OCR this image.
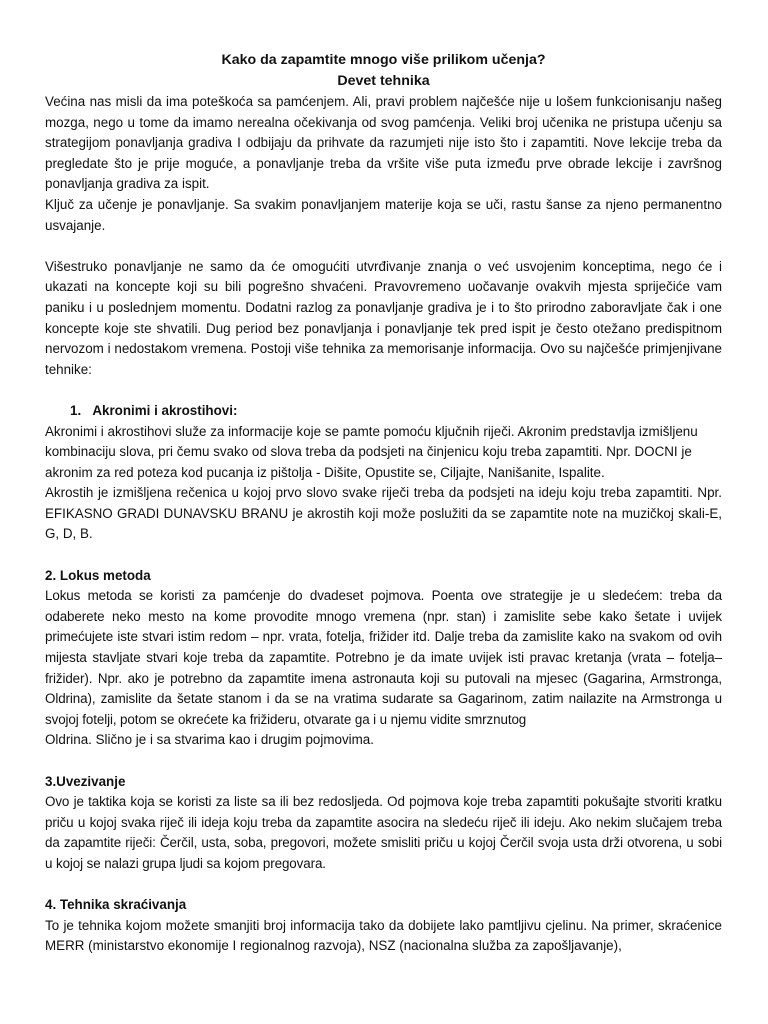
Kako da zapamtite mnogo više prilikom učenja?

Devet tehnika

Većina nas misli da ima poteškoća sa pamćenjem. Ali, pravi problem najčešće nije u lošem funkcionisanju našeg mozga, nego u tome da imamo nerealna očekivanja od svog pamćenja. Veliki broj učenika ne pristupa učenju sa strategijom ponavljanja gradiva I odbijaju da prihvate da razumjeti nije isto što i zapamtiti. Nove lekcije treba da pregledate što je prije moguće, a ponavljanje treba da vršite više puta između prve obrade lekcije i završnog ponavljanja gradiva za ispit.

Ključ za učenje je ponavljanje. Sa svakim ponavljanjem materije koja se uči, rastu šanse za njeno permanentno usvajanje.

Višestruko ponavljanje ne samo da će omogućiti utvrđivanje znanja o već usvojenim konceptima, nego će i ukazati na koncepte koji su bili pogrešno shvaćeni. Pravovremeno uočavanje ovakvih mjesta spriječiće vam paniku i u poslednjem momentu. Dodatni razlog za ponavljanje gradiva je i to što prirodno zaboravljate čak i one koncepte koje ste shvatili. Dug period bez ponavljanja i ponavljanje tek pred ispit je često otežano predispitnom nervozom i nedostakom vremena. Postoji više tehnika za memorisanje informacija. Ovo su najčešće primjenjivane tehnike:

1.   Akronimi i akrostihovi:

Akronimi i akrostihovi služe za informacije koje se pamte pomoću ključnih riječi. Akronim predstavlja izmišljenu kombinaciju slova, pri čemu svako od slova treba da podsjeti na činjenicu koju treba zapamtiti. Npr. DOCNI je

akronim za red poteza kod pucanja iz pištolja - Dišite, Opustite se, Ciljajte, Nanišanite, Ispalite.

Akrostih je izmišljena rečenica u kojoj prvo slovo svake riječi treba da podsjeti na ideju koju treba zapamtiti. Npr. EFIKASNO GRADI DUNAVSKU BRANU je akrostih koji može poslužiti da se zapamtite note na muzičkoj skali-E, G, D, B.

2. Lokus metoda

Lokus metoda se koristi za pamćenje do dvadeset pojmova. Poenta ove strategije je u sledećem: treba da odaberete neko mesto na kome provodite mnogo vremena (npr. stan) i zamislite sebe kako šetate i uvijek primećujete iste stvari istim redom – npr. vrata, fotelja, frižider itd. Dalje treba da zamislite kako na svakom od ovih mijesta stavljate stvari koje treba da zapamtite. Potrebno je da imate uvijek isti pravac kretanja (vrata – fotelja– frižider). Npr. ako je potrebno da zapamtite imena astronauta koji su putovali na mjesec (Gagarina, Armstronga, Oldrina), zamislite da šetate stanom i da se na vratima sudarate sa Gagarinom, zatim nailazite na Armstronga u svojoj fotelji, potom se okrećete ka frižideru, otvarate ga i u njemu vidite smrznutog

Oldrina. Slično je i sa stvarima kao i drugim pojmovima.

3.Uvezivanje

Ovo je taktika koja se koristi za liste sa ili bez redoslјeda. Od pojmova koje treba zapamtiti pokušajte stvoriti kratku priču u kojoj svaka riječ ili ideja koju treba da zapamtite asocira na sledeću riječ ili ideju. Ako nekim slučajem treba da zapamtite riječi: Čerčil, usta, soba, pregovori, možete smisliti priču u kojoj Čerčil svoja usta drži otvorena, u sobi u kojoj se nalazi grupa ljudi sa kojom pregovara.

4. Tehnika skraćivanja

To je tehnika kojom možete smanjiti broj informacija tako da dobijete lako pamtljivu cjelinu. Na primer, skraćenice MERR (ministarstvo ekonomije I regionalnog razvoja), NSZ (nacionalna služba za zapošljavanje),
